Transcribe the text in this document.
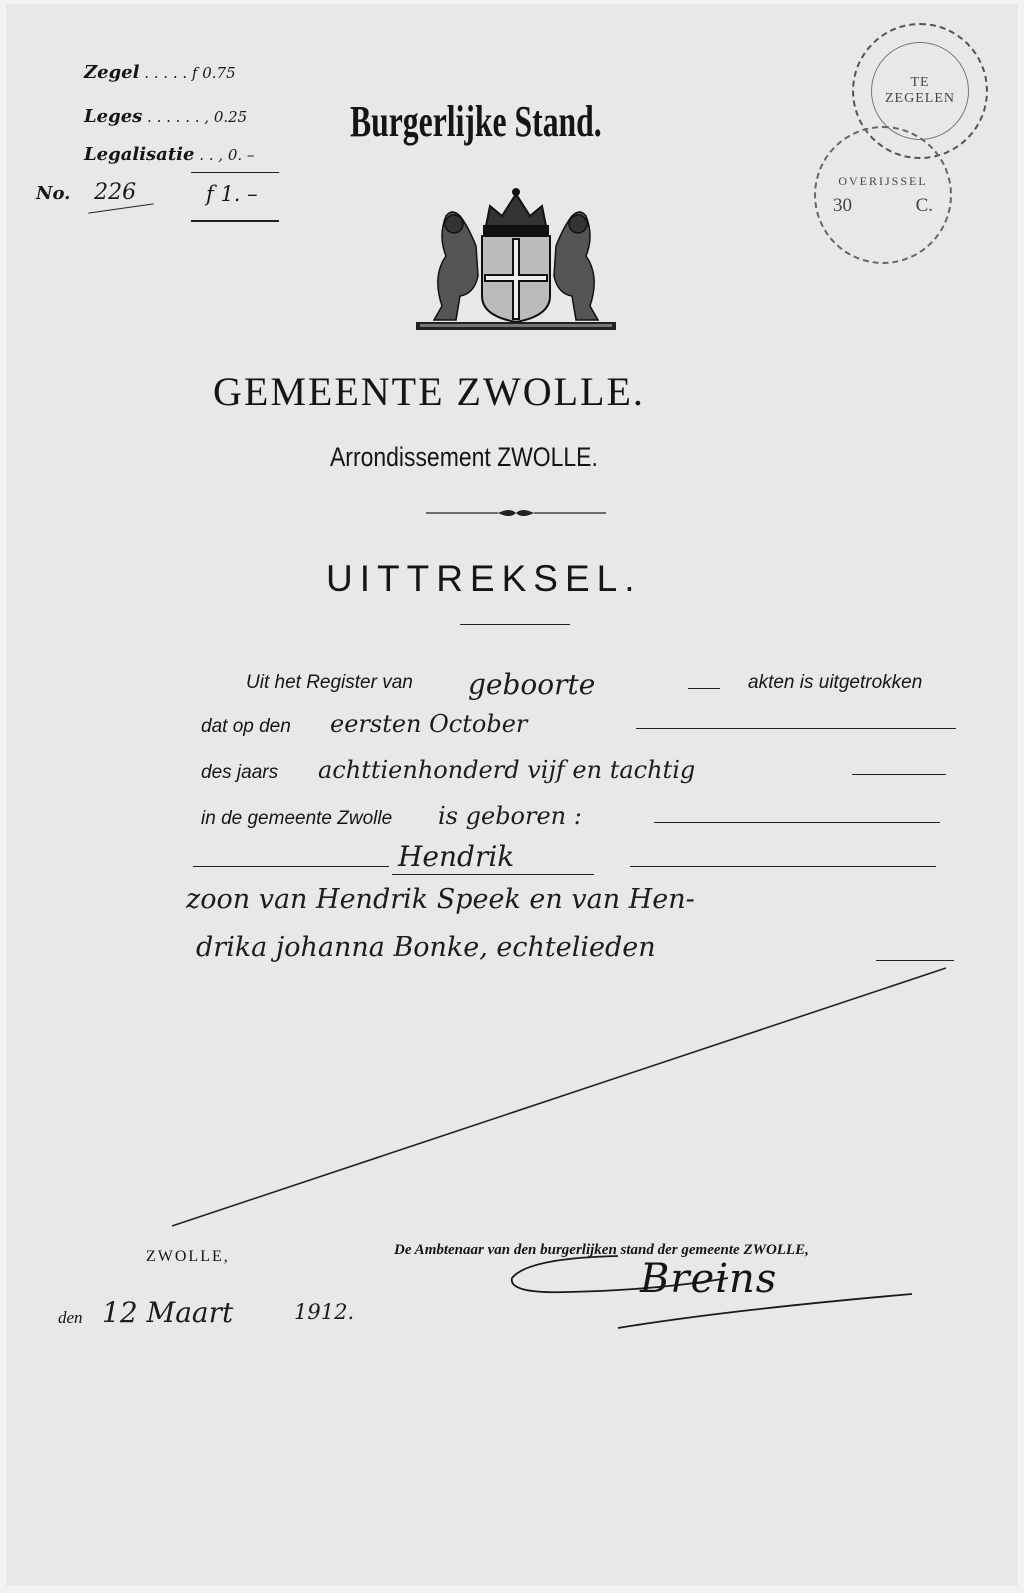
Zegel . . . . . f 0.75
Leges . . . . . . , 0.25
Legalisatie . . , 0. –
No. 226	f 1. –
Burgerlijke Stand.
TE
ZEGELEN
OVERIJSSEL
30	C.
GEMEENTE ZWOLLE.
Arrondissement ZWOLLE.
UITTREKSEL.
Uit het Register van geboorte	akten is uitgetrokken
dat op den eersten October
des jaars achttienhonderd vijf en tachtig
in de gemeente Zwolle is geboren :
Hendrik
zoon van Hendrik Speek en van Hen-
drika johanna Bonke, echtelieden
ZWOLLE,	De Ambtenaar van den burgerlijken stand der gemeente ZWOLLE,
den 12 Maart	1912.
Breins
